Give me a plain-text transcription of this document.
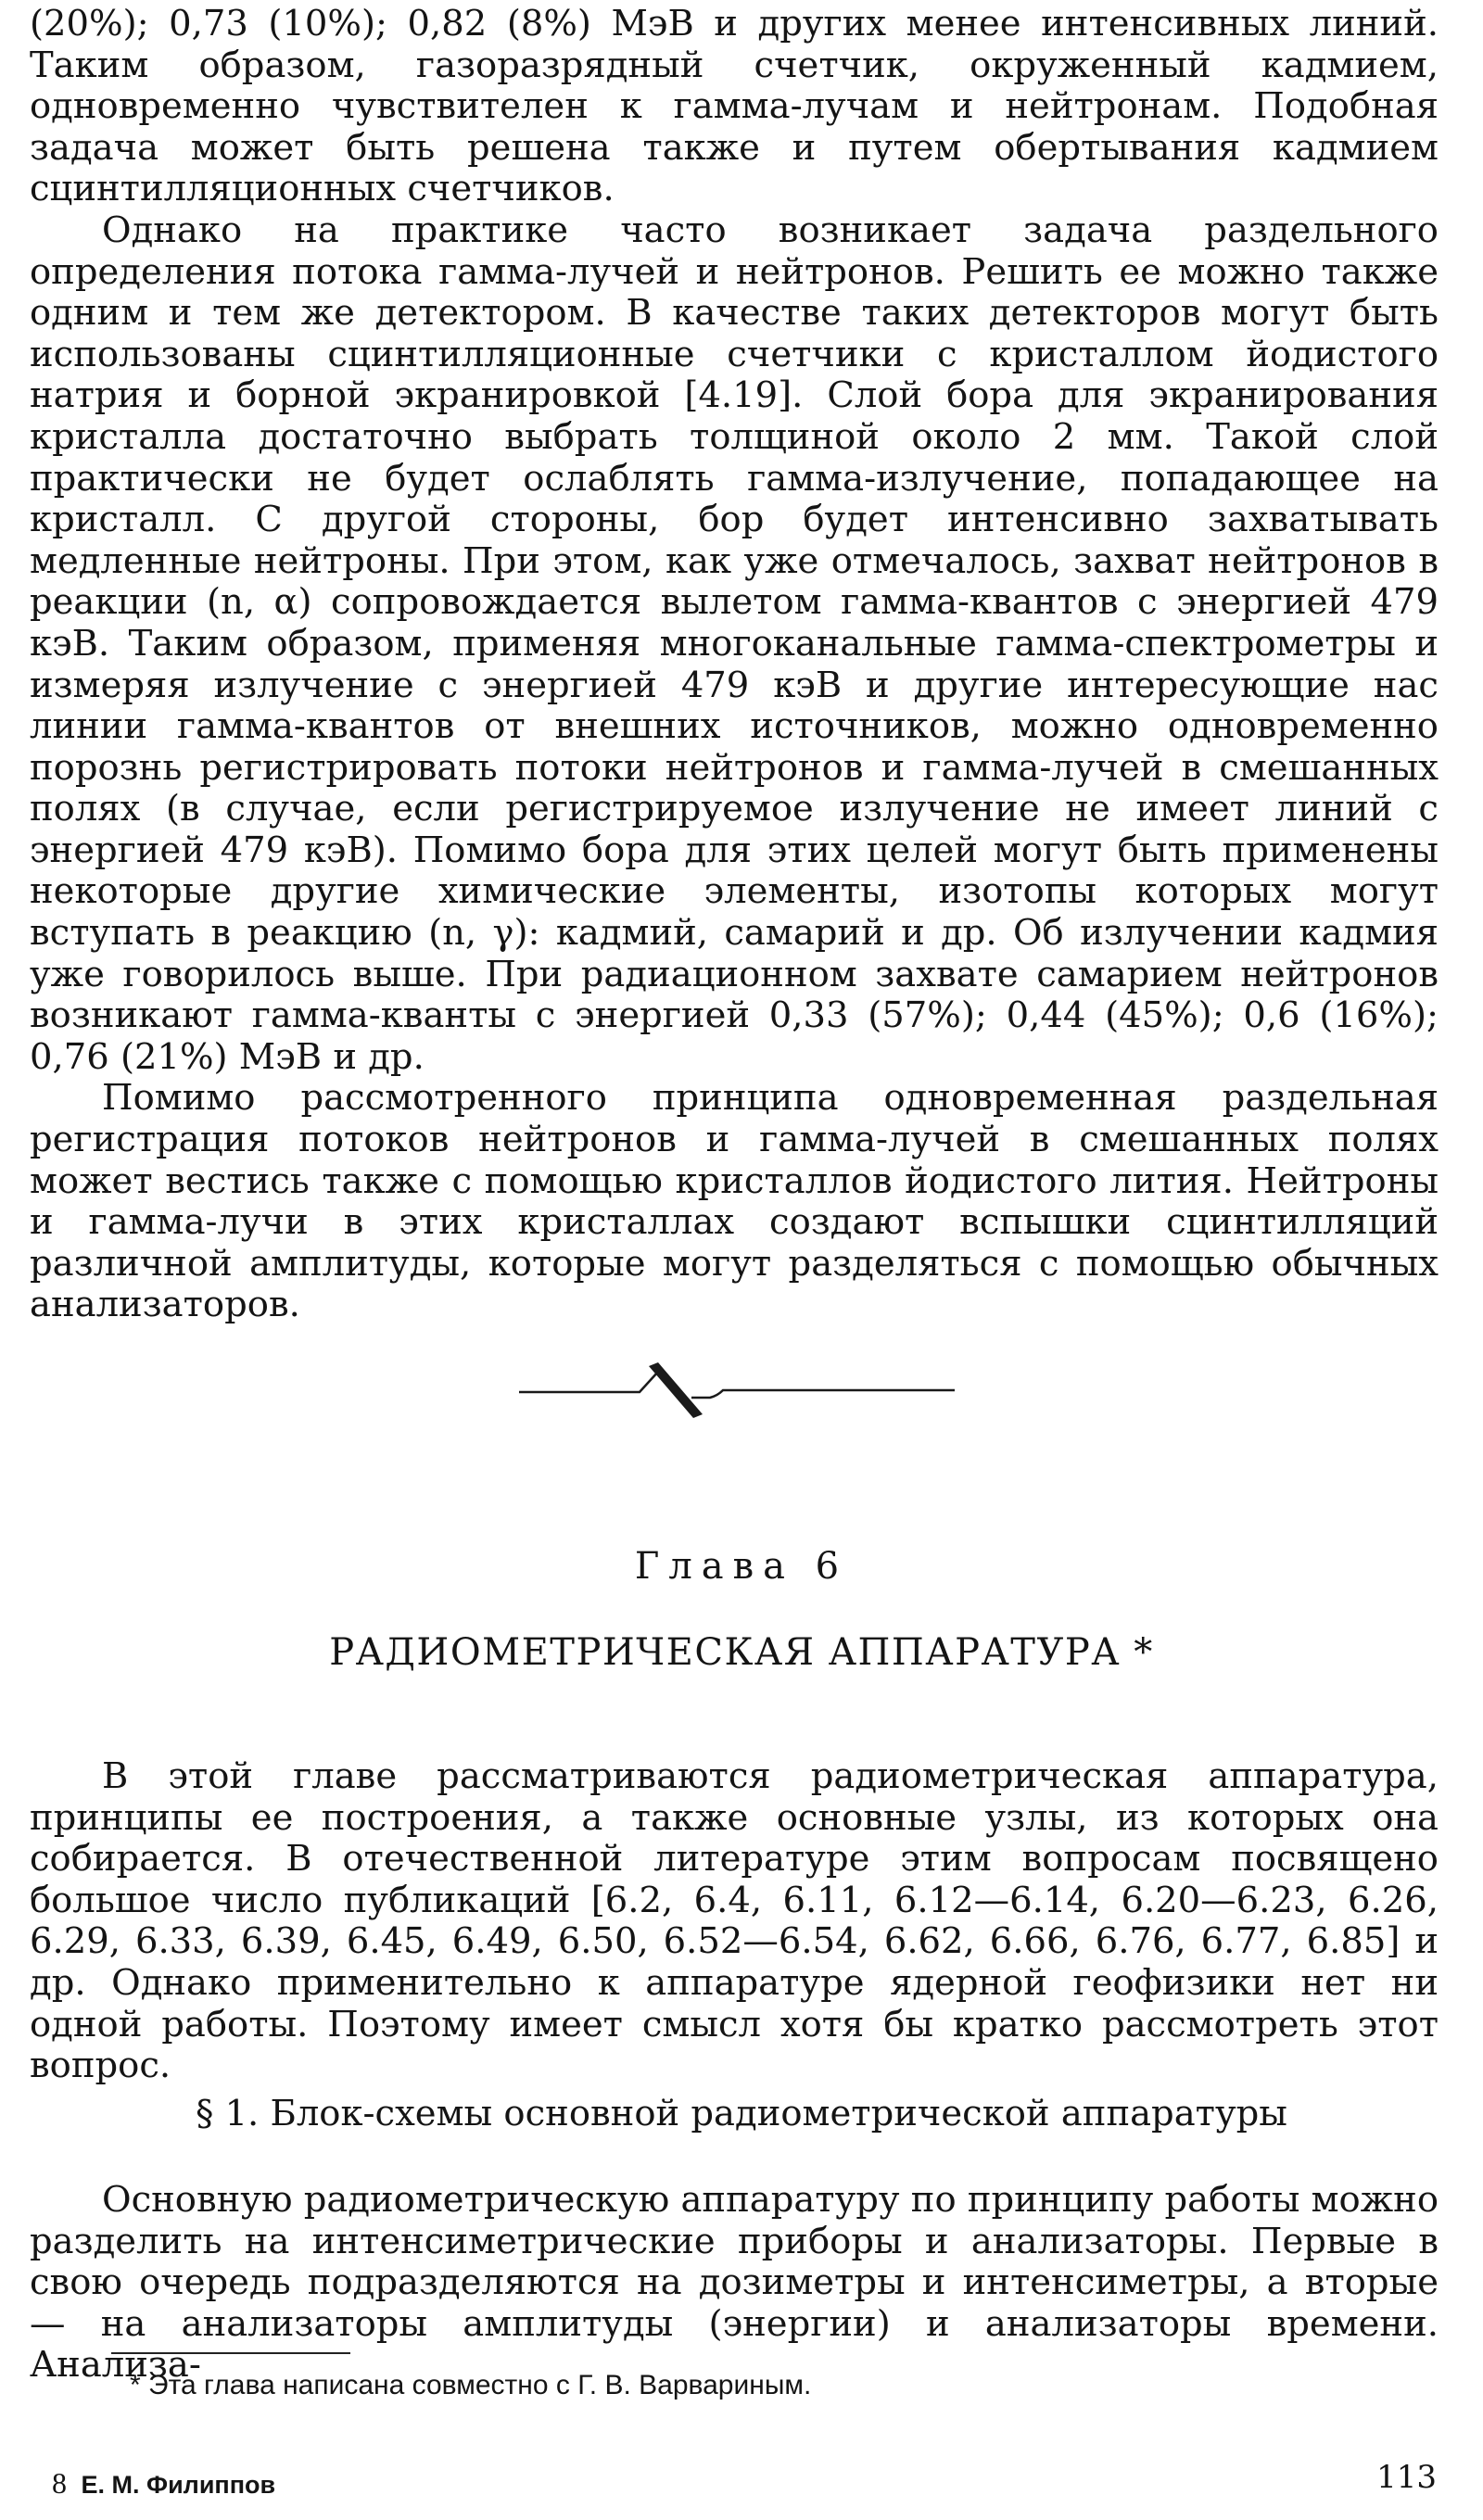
(20%); 0,73 (10%); 0,82 (8%) МэВ и других менее интенсивных линий. Таким образом, газоразрядный счетчик, окруженный кадмием, одновременно чувствителен к гамма-лучам и нейтронам. Подобная задача может быть решена также и путем обертывания кадмием сцинтилляционных счетчиков.

Однако на практике часто возникает задача раздельного определения потока гамма-лучей и нейтронов. Решить ее можно также одним и тем же детектором. В качестве таких детекторов могут быть использованы сцинтилляционные счетчики с кристаллом йодистого натрия и борной экранировкой [4.19]. Слой бора для экранирования кристалла достаточно выбрать толщиной около 2 мм. Такой слой практически не будет ослаблять гамма-излучение, попадающее на кристалл. С другой стороны, бор будет интенсивно захватывать медленные нейтроны. При этом, как уже отмечалось, захват нейтронов в реакции (n, α) сопровождается вылетом гамма-квантов с энергией 479 кэВ. Таким образом, применяя многоканальные гамма-спектрометры и измеряя излучение с энергией 479 кэВ и другие интересующие нас линии гамма-квантов от внешних источников, можно одновременно порознь регистрировать потоки нейтронов и гамма-лучей в смешанных полях (в случае, если регистрируемое излучение не имеет линий с энергией 479 кэВ). Помимо бора для этих целей могут быть применены некоторые другие химические элементы, изотопы которых могут вступать в реакцию (n, γ): кадмий, самарий и др. Об излучении кадмия уже говорилось выше. При радиационном захвате самарием нейтронов возникают гамма-кванты с энергией 0,33 (57%); 0,44 (45%); 0,6 (16%); 0,76 (21%) МэВ и др.

Помимо рассмотренного принципа одновременная раздельная регистрация потоков нейтронов и гамма-лучей в смешанных полях может вестись также с помощью кристаллов йодистого лития. Нейтроны и гамма-лучи в этих кристаллах создают вспышки сцинтилляций различной амплитуды, которые могут разделяться с помощью обычных анализаторов.

Глава 6
РАДИОМЕТРИЧЕСКАЯ АППАРАТУРА *

В этой главе рассматриваются радиометрическая аппаратура, принципы ее построения, а также основные узлы, из которых она собирается. В отечественной литературе этим вопросам посвящено большое число публикаций [6.2, 6.4, 6.11, 6.12—6.14, 6.20—6.23, 6.26, 6.29, 6.33, 6.39, 6.45, 6.49, 6.50, 6.52—6.54, 6.62, 6.66, 6.76, 6.77, 6.85] и др. Однако применительно к аппаратуре ядерной геофизики нет ни одной работы. Поэтому имеет смысл хотя бы кратко рассмотреть этот вопрос.

§ 1. Блок-схемы основной радиометрической аппаратуры

Основную радиометрическую аппаратуру по принципу работы можно разделить на интенсиметрические приборы и анализаторы. Первые в свою очередь подразделяются на дозиметры и интенсиметры, а вторые — на анализаторы амплитуды (энергии) и анализаторы времени. Анализа-

* Эта глава написана совместно с Г. В. Варвариным.
8 Е. М. Филиппов	113
